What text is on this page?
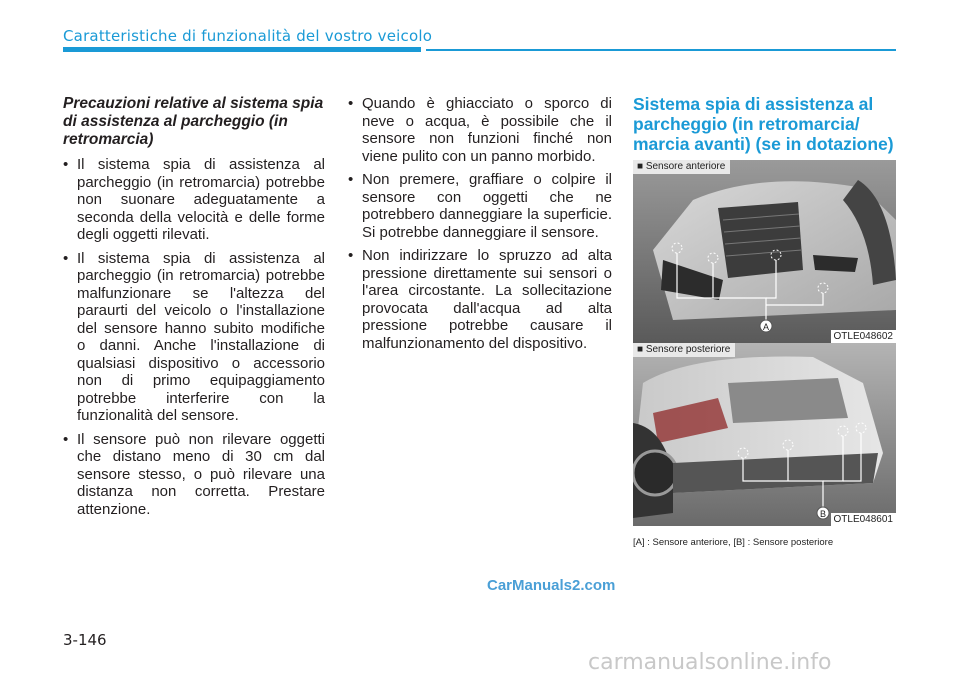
Caratteristiche di funzionalità del vostro veicolo

Precauzioni relative al sistema spia di assistenza al parcheggio (in retromarcia)

• Il sistema spia di assistenza al parcheggio (in retromarcia) potrebbe non suonare adeguatamente a seconda della velocità e delle forme degli oggetti rilevati.
• Il sistema spia di assistenza al parcheggio (in retromarcia) potrebbe malfunzionare se l'altezza del paraurti del veicolo o l'installazione del sensore hanno subito modifiche o danni. Anche l'installazione di qualsiasi dispositivo o accessorio non di primo equipaggiamento potrebbe interferire con la funzionalità del sensore.
• Il sensore può non rilevare oggetti che distano meno di 30 cm dal sensore stesso, o può rilevare una distanza non corretta. Prestare attenzione.
• Quando è ghiacciato o sporco di neve o acqua, è possibile che il sensore non funzioni finché non viene pulito con un panno morbido.
• Non premere, graffiare o colpire il sensore con oggetti che ne potrebbero danneggiare la superficie. Si potrebbe danneggiare il sensore.
• Non indirizzare lo spruzzo ad alta pressione direttamente sui sensori o l'area circostante. La sollecitazione provocata dall'acqua ad alta pressione potrebbe causare il malfunzionamento del dispositivo.

Sistema spia di assistenza al parcheggio (in retromarcia/ marcia avanti) (se in dotazione)

A
■ Sensore anteriore
OTLE048602
B
■ Sensore posteriore
OTLE048601
[A] : Sensore anteriore, [B] : Sensore posteriore
CarManuals2.com
3-146
carmanualsonline.info
